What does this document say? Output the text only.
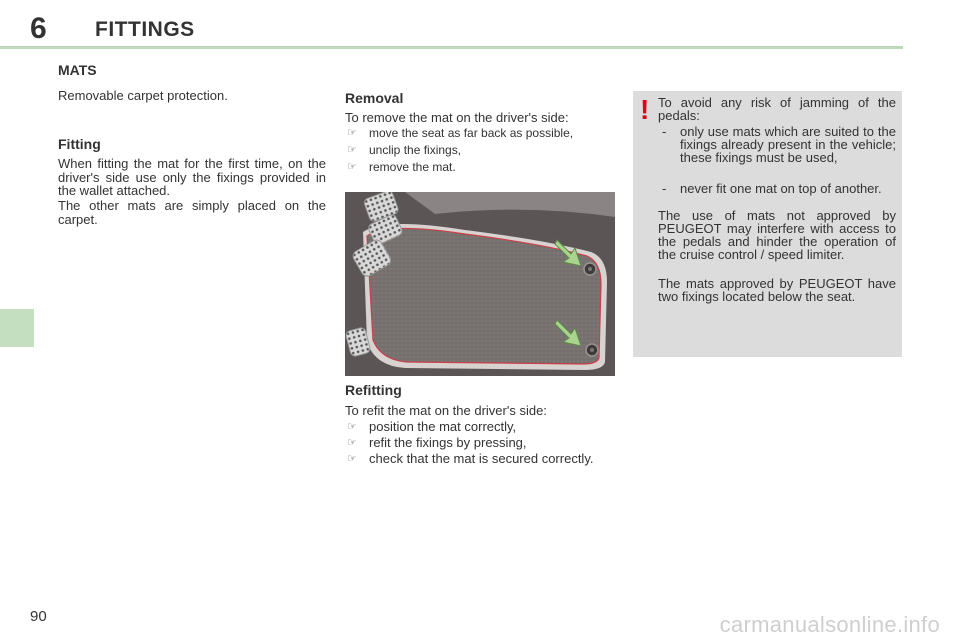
6 FITTINGS
MATS
Removable carpet protection.
Fitting
When fitting the mat for the first time, on the driver's side use only the fixings provided in the wallet attached.
The other mats are simply placed on the carpet.
Removal
To remove the mat on the driver's side:
☞ move the seat as far back as possible,
☞ unclip the fixings,
☞ remove the mat.
Refitting
To refit the mat on the driver's side:
☞ position the mat correctly,
☞ refit the fixings by pressing,
☞ check that the mat is secured correctly.
! To avoid any risk of jamming of the pedals:
- only use mats which are suited to the fixings already present in the vehicle; these fixings must be used,
- never fit one mat on top of another.
The use of mats not approved by PEUGEOT may interfere with access to the pedals and hinder the operation of the cruise control / speed limiter.
The mats approved by PEUGEOT have two fixings located below the seat.
90	carmanualsonline.info
